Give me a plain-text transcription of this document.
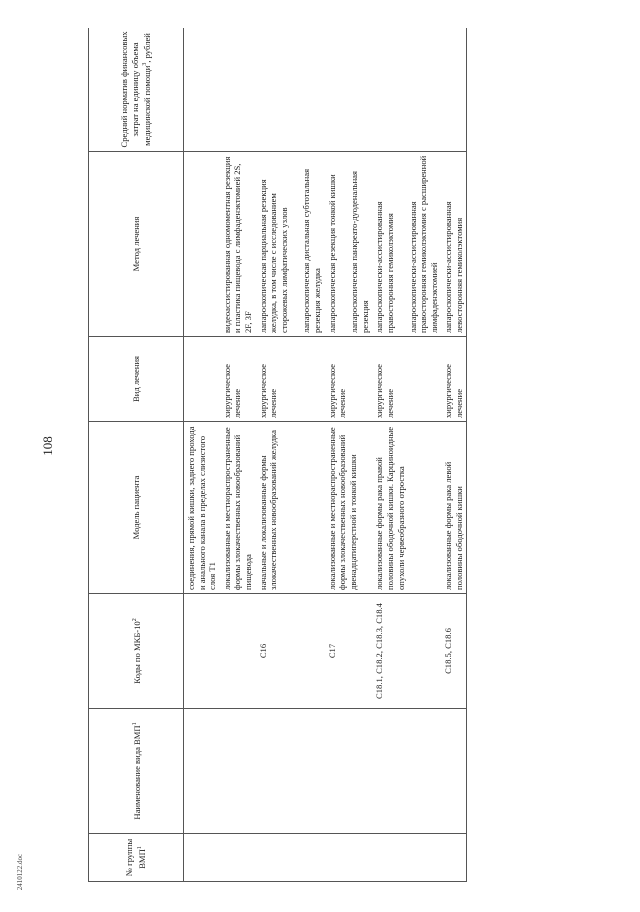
108
2410122.doc	№ группы ВМП$^1$	Наименование вида ВМП$^1$	Коды по МКБ-$10^2$	Модель пациента	Вид лечения	Метод лечения	Средний норматив финансовых затрат на единицу объема медицинской помощи$^3$, рублей
			соединения, прямой кишки, заднего прохода и анального канала в пределах слизистого слоя T1			
			локализованные и местнораспространенные формы злокачественных новообразований пищевода	хирургическое лечение	видеоассистированная одномоментная резекция и пластика пищевода с лимфаденэктомией 2S, 2F, 3F	

		C16	начальные и локализованные формы злокачественных новообразований желудка	хирургическое лечение	лапароскопическая парциальная резекция желудка, в том числе с исследованием сторожевых лимфатических узлов лапароскопическая дистальная субтотальная резекция желудка	

		C17	локализованные и местнораспространенные формы злокачественных новообразований двенадцатиперстной и тонкой кишки	хирургическое лечение	лапароскопическая резекция тонкой кишки лапароскопическая панкреато-дуоденальная резекция	

		C18.1, C18.2, C18.3, C18.4	локализованные формы рака правой половины ободочной кишки. Карциноидные опухоли червеобразного отростка	хирургическое лечение	лапароскопически-ассистированная правосторонняя гемиколэктомия лапароскопически-ассистированная правосторонняя гемиколэктомия с расширенной лимфаденэктомией	

		C18.5, C18.6	локализованные формы рака левой половины ободочной кишки	хирургическое лечение	лапароскопически-ассистированная левосторонняя гемиколэктомия	
